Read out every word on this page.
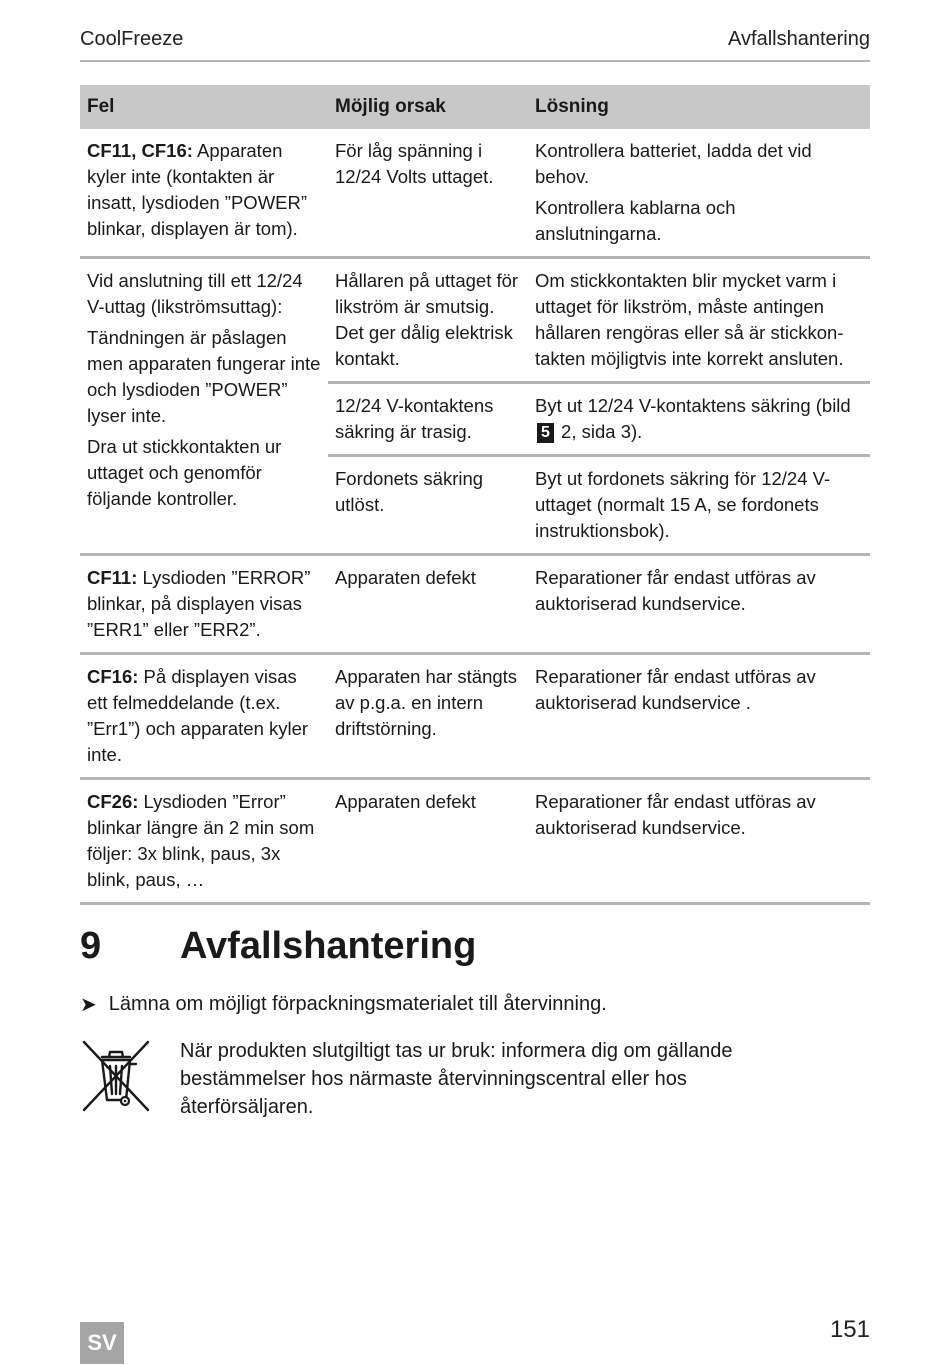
CoolFreeze	Avfallshantering
Fel	Möjlig orsak	Lösning

CF11, CF16: Apparaten kyler inte (kontakten är insatt, lysdioden ”POWER” blinkar, displayen är tom).	För låg spänning i 12/24 Volts uttaget.	Kontrollera batteriet, ladda det vid behov.

Kontrollera kablarna och anslutningarna.

Vid anslutning till ett 12/24 V-uttag (likströmsuttag):

Tändningen är påslagen men apparaten fungerar inte och lysdioden ”POWER” lyser inte.

Dra ut stickkontakten ur uttaget och genomför följande kontroller.	Hållaren på uttaget för likström är smutsig. Det ger dålig elektrisk kontakt.	Om stickkontakten blir mycket varm i uttaget för likström, måste antingen hållaren rengöras eller så är stickkon-takten möjligtvis inte korrekt ansluten.

	12/24 V-kontaktens säkring är trasig.	Byt ut 12/24 V-kontaktens säkring (bild 5 2, sida 3).

	Fordonets säkring utlöst.	Byt ut fordonets säkring för 12/24 V-uttaget (normalt 15 A, se fordonets instruktionsbok).

CF11: Lysdioden ”ERROR” blinkar, på displayen visas ”ERR1” eller ”ERR2”.	Apparaten defekt	Reparationer får endast utföras av auktoriserad kundservice.

CF16: På displayen visas ett felmeddelande (t.ex. ”Err1”) och apparaten kyler inte.	Apparaten har stängts av p.g.a. en intern driftstörning.	Reparationer får endast utföras av auktoriserad kundservice .

CF26: Lysdioden ”Error” blinkar längre än 2 min som följer: 3x blink, paus, 3x blink, paus, …	Apparaten defekt	Reparationer får endast utföras av auktoriserad kundservice.

9	Avfallshantering
➤ Lämna om möjligt förpackningsmaterialet till återvinning.
När produkten slutgiltigt tas ur bruk: informera dig om gällande bestämmelser hos närmaste återvinningscentral eller hos återförsäljaren.
SV	151
